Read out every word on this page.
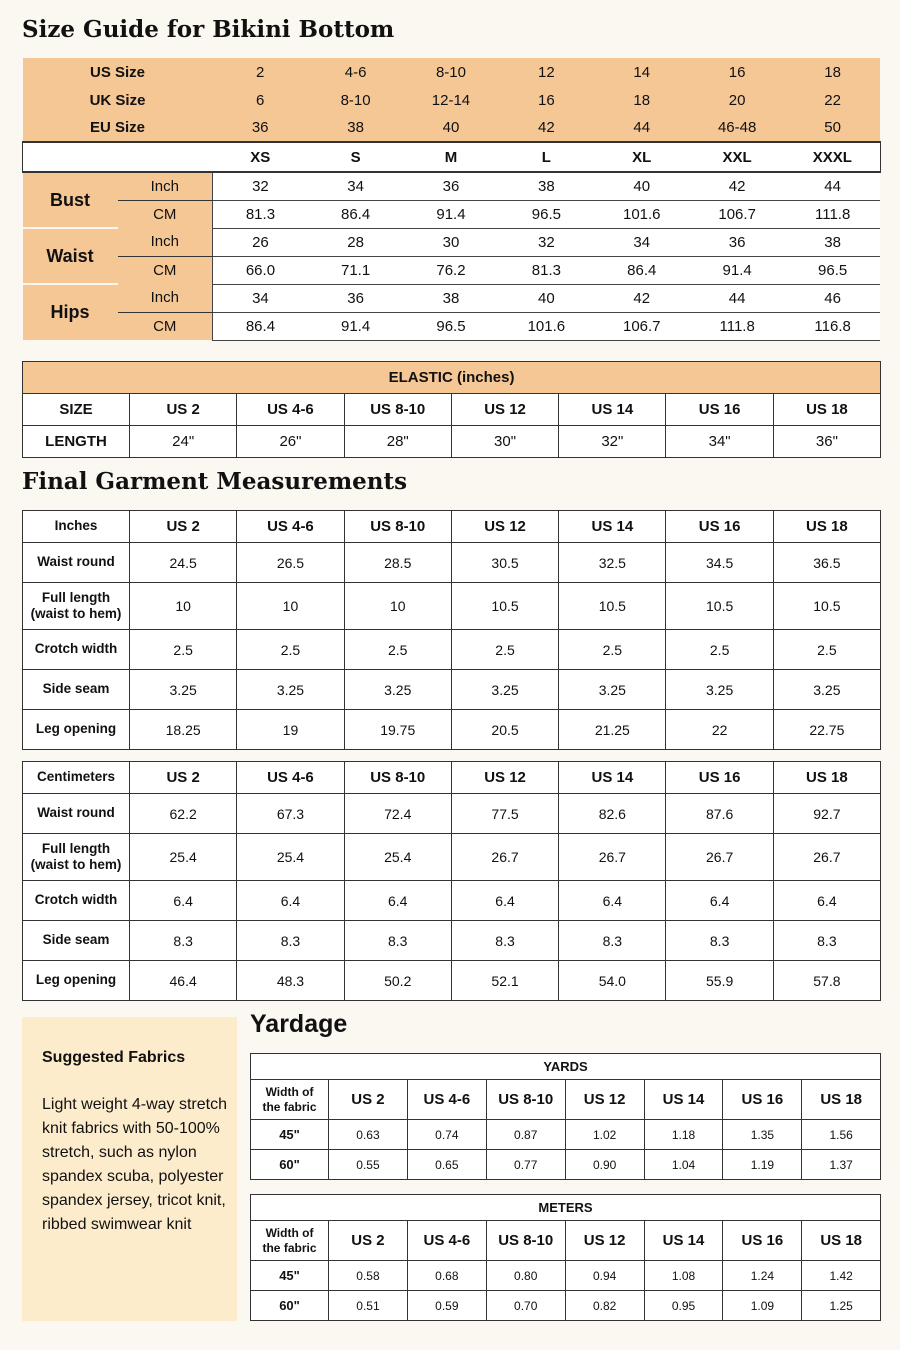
Size Guide for Bikini Bottom
US Size		2	4-6	8-10	12	14	16	18
UK Size		6	8-10	12-14	16	18	20	22
EU Size		36	38	40	42	44	46-48	50
		XS	S	M	L	XL	XXL	XXXL
Bust	Inch	32	34	36	38	40	42	44
	CM	81.3	86.4	91.4	96.5	101.6	106.7	111.8
Waist	Inch	26	28	30	32	34	36	38
	CM	66.0	71.1	76.2	81.3	86.4	91.4	96.5
Hips	Inch	34	36	38	40	42	44	46
	CM	86.4	91.4	96.5	101.6	106.7	111.8	116.8
ELASTIC (inches)							
SIZE	US 2	US 4-6	US 8-10	US 12	US 14	US 16	US 18
LENGTH	24"	26"	28"	30"	32"	34"	36"
Final Garment Measurements
Inches	US 2	US 4-6	US 8-10	US 12	US 14	US 16	US 18
Waist round	24.5	26.5	28.5	30.5	32.5	34.5	36.5
Full length
(waist to hem)	10	10	10	10.5	10.5	10.5	10.5
Crotch width	2.5	2.5	2.5	2.5	2.5	2.5	2.5
Side seam	3.25	3.25	3.25	3.25	3.25	3.25	3.25
Leg opening	18.25	19	19.75	20.5	21.25	22	22.75
Centimeters	US 2	US 4-6	US 8-10	US 12	US 14	US 16	US 18
Waist round	62.2	67.3	72.4	77.5	82.6	87.6	92.7
Full length
(waist to hem)	25.4	25.4	25.4	26.7	26.7	26.7	26.7
Crotch width	6.4	6.4	6.4	6.4	6.4	6.4	6.4
Side seam	8.3	8.3	8.3	8.3	8.3	8.3	8.3
Leg opening	46.4	48.3	50.2	52.1	54.0	55.9	57.8
Suggested Fabrics
Light weight 4-way stretch knit fabrics with 50-100% stretch, such as nylon spandex scuba, polyester spandex jersey, tricot knit, ribbed swimwear knit
Yardage
YARDS							
Width of
the fabric	US 2	US 4-6	US 8-10	US 12	US 14	US 16	US 18
45"	0.63	0.74	0.87	1.02	1.18	1.35	1.56
60"	0.55	0.65	0.77	0.90	1.04	1.19	1.37
METERS							
Width of
the fabric	US 2	US 4-6	US 8-10	US 12	US 14	US 16	US 18
45"	0.58	0.68	0.80	0.94	1.08	1.24	1.42
60"	0.51	0.59	0.70	0.82	0.95	1.09	1.25
